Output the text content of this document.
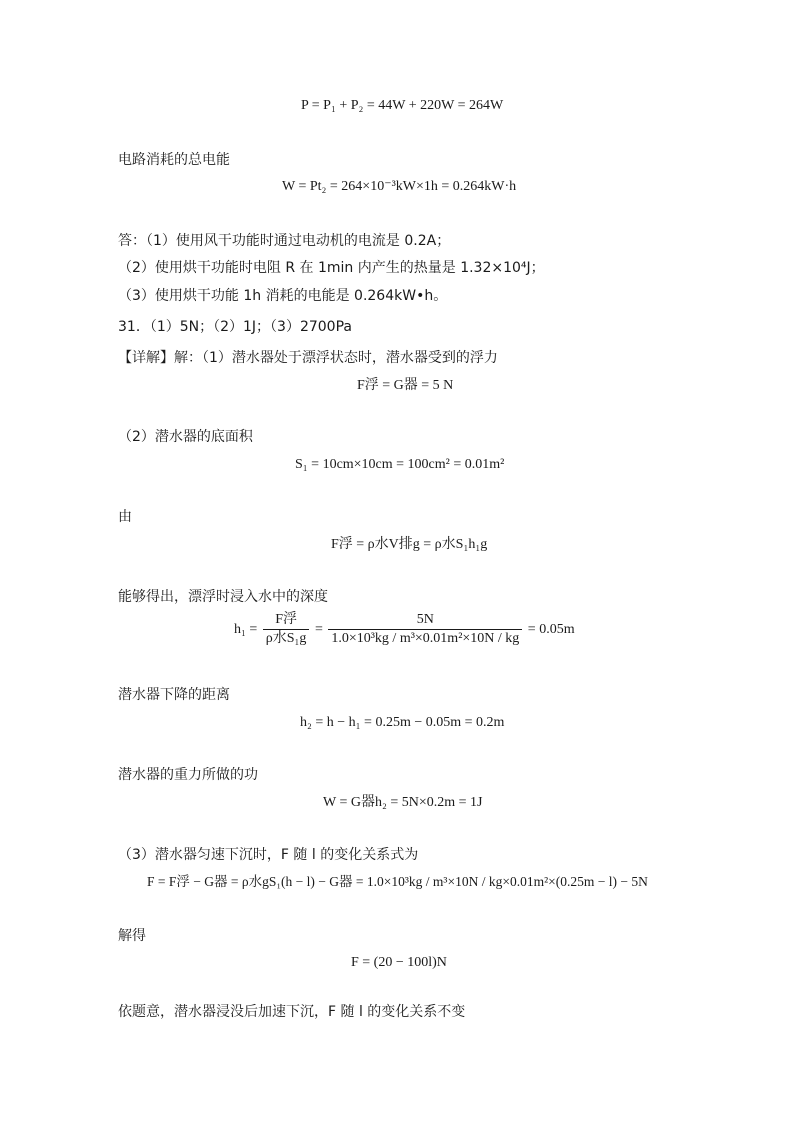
P = P₁ + P₂ = 44W + 220W = 264W
电路消耗的总电能
W = Pt₂ = 264×10⁻³kW×1h = 0.264kW·h
答：（1）使用风干功能时通过电动机的电流是 0.2A；
（2）使用烘干功能时电阻 R 在 1min 内产生的热量是 1.32×10⁴J；
（3）使用烘干功能 1h 消耗的电能是 0.264kW•h。
31．（1）5N；（2）1J；（3）2700Pa
【详解】解：（1）潜水器处于漂浮状态时，潜水器受到的浮力
F浮 = G器 = 5 N
（2）潜水器的底面积
S₁ = 10cm×10cm = 100cm² = 0.01m²
由
F浮 = ρ水V排g = ρ水S₁h₁g
能够得出，漂浮时浸入水中的深度
$h_1 = \frac{\text{F浮}}{\text{ρ水S₁g}} = \frac{5N}{\text{1.0×10³kg / m³×0.01m²×10N / kg}} = 0.05m$
潜水器下降的距离
h₂ = h − h₁ = 0.25m − 0.05m = 0.2m
潜水器的重力所做的功
W = G器h₂ = 5N×0.2m = 1J
（3）潜水器匀速下沉时，F 随 l 的变化关系式为
F = F浮 − G器 = ρ水gS₁(h − l) − G器 = 1.0×10³kg / m³×10N / kg×0.01m²×(0.25m − l) − 5N
解得
F = (20 − 100l)N
依题意，潜水器浸没后加速下沉，F 随 l 的变化关系不变
